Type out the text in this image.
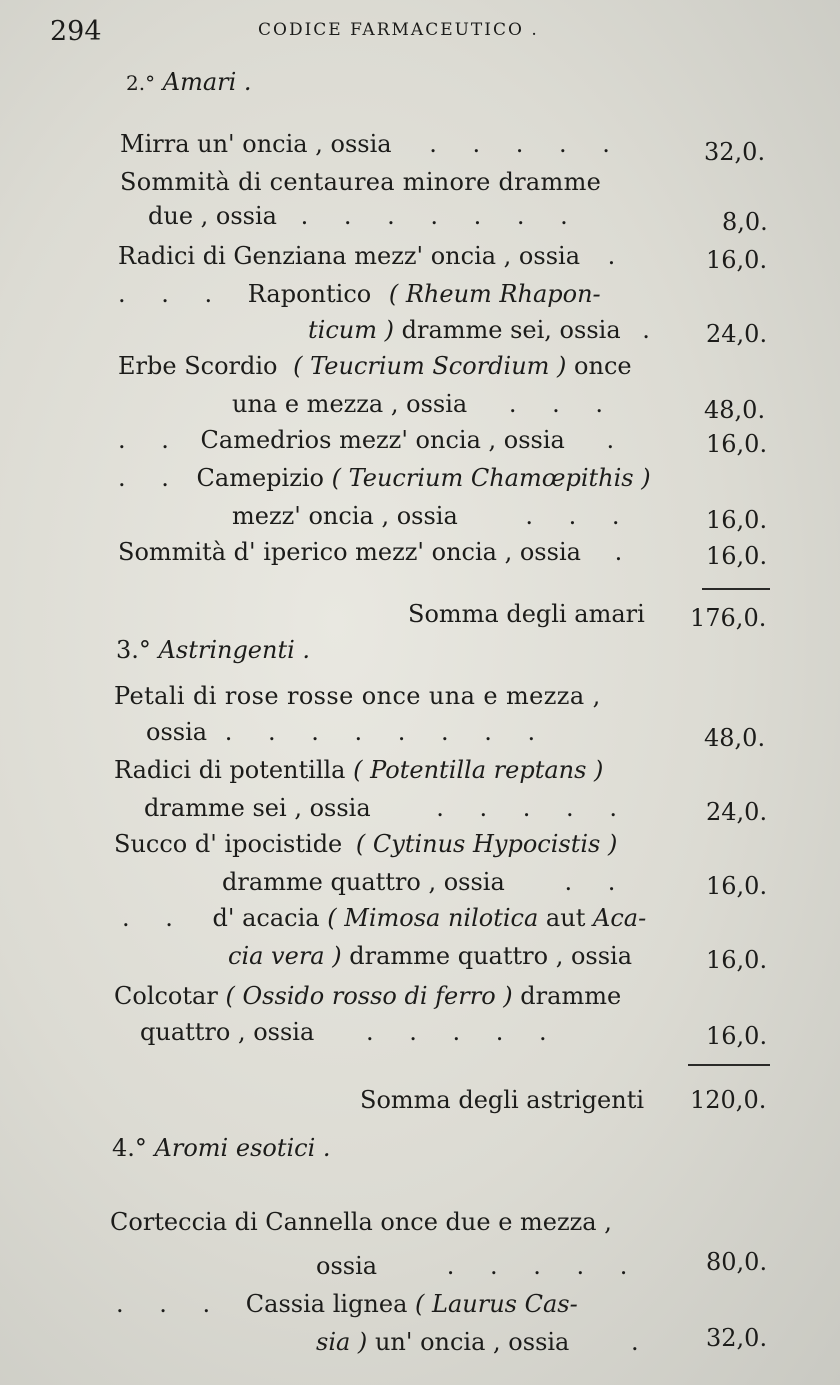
294	CODICE FARMACEUTICO .
2.° Amari .
Mirra un' oncia , ossia . . . . .	32,0.
Sommità di centaurea minore dramme
due , ossia . . . . . . .	8,0.
Radici di Genziana mezz' oncia , ossia .	16,0.
. . . Rapontico ( Rheum Rhapon-
ticum ) dramme sei, ossia . 24,0.
Erbe Scordio ( Teucrium Scordium ) once
una e mezza , ossia . . .	48,0.
. . Camedrios mezz' oncia , ossia .	16,0.
. . Camepizio ( Teucrium Chamœpithis )
mezz' oncia , ossia	. . .	16,0.
Sommità d' iperico mezz' oncia , ossia .	16,0.
Somma degli amari 176,0.
3.° Astringenti .
Petali di rose rosse once una e mezza ,
ossia . . . . . . . .	48,0.
Radici di potentilla ( Potentilla reptans )
dramme sei , ossia	. . . . .	24,0.
Succo d' ipocistide ( Cytinus Hypocistis )
dramme quattro , ossia . .	16,0.
. . d' acacia ( Mimosa nilotica aut Aca-
cia vera ) dramme quattro , ossia	16,0.
Colcotar ( Ossido rosso di ferro ) dramme
quattro , ossia . . . . .	16,0.
Somma degli astrigenti 120,0.
4.° Aromi esotici .
Corteccia di Cannella once due e mezza ,
ossia	. . . . .	80,0.
. . . Cassia lignea ( Laurus Cas-
sia ) un' oncia , ossia	.	32,0.
